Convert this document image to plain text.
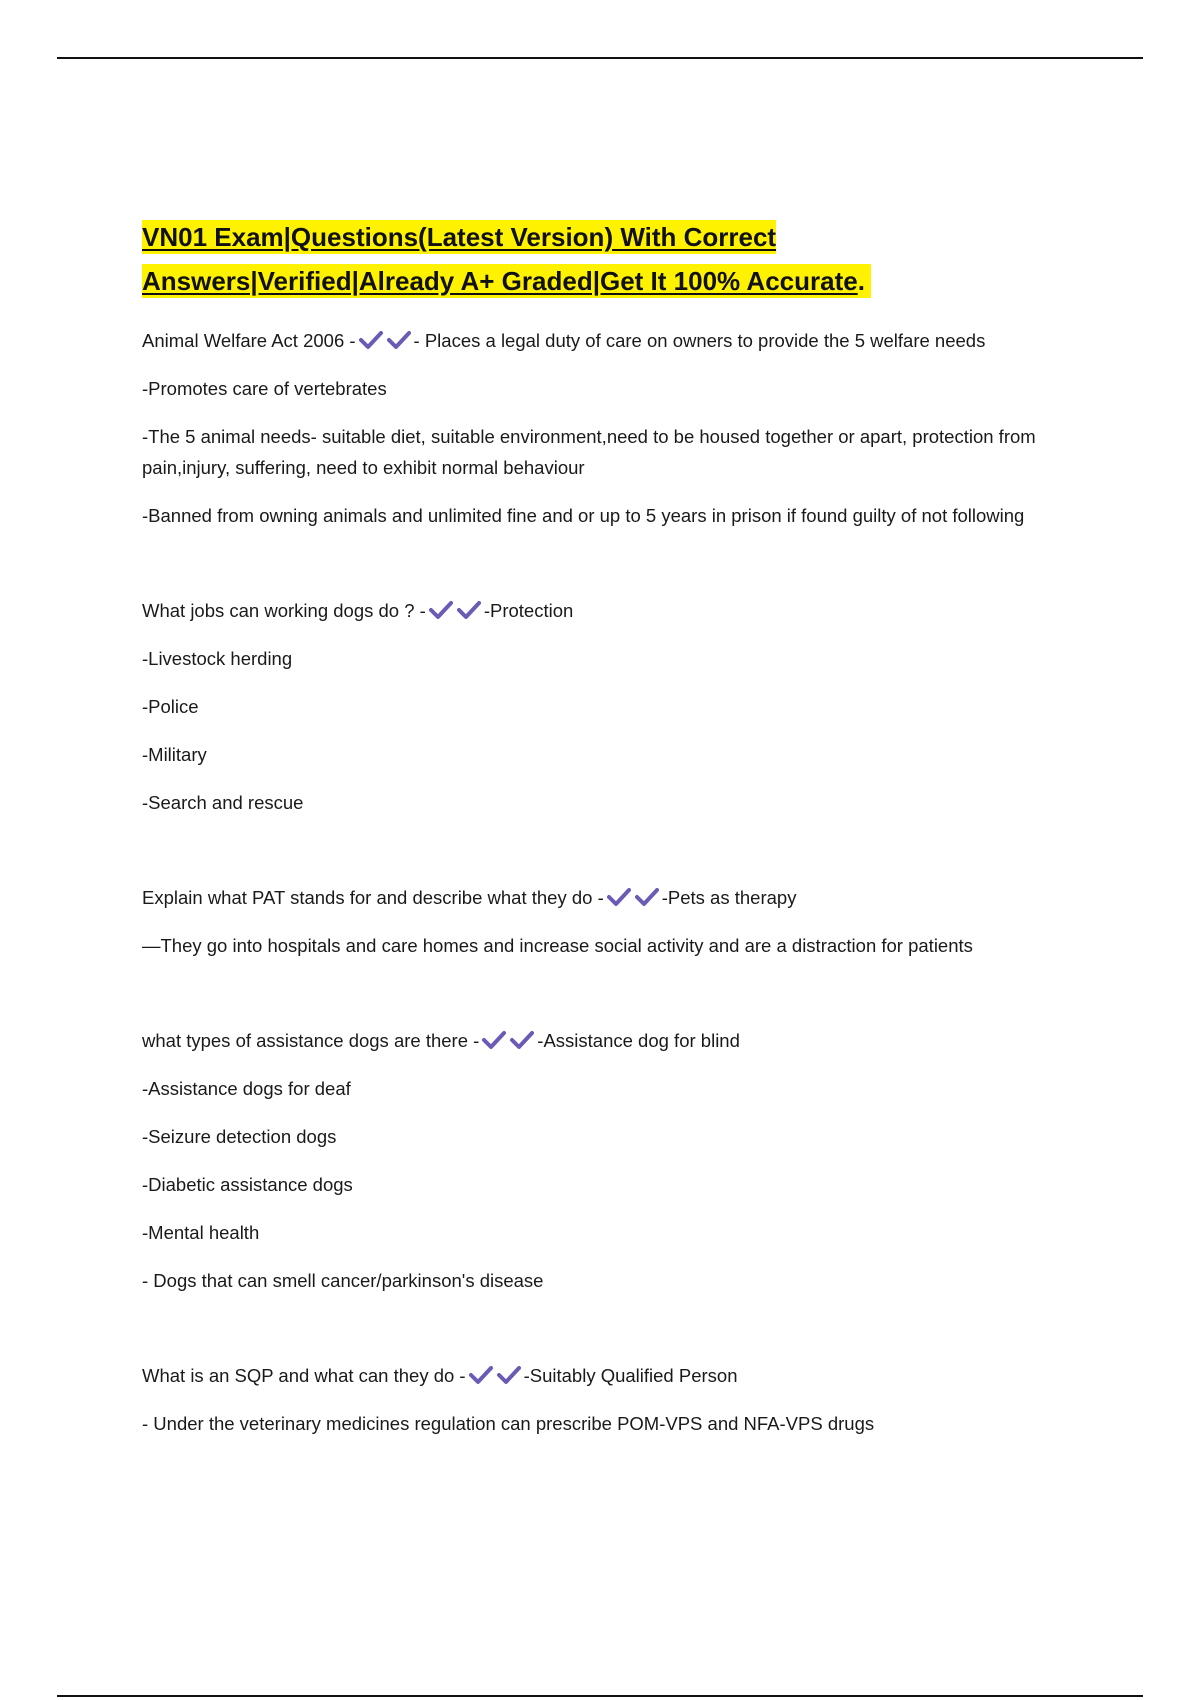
VN01 Exam|Questions(Latest Version) With Correct
Answers|Verified|Already A+ Graded|Get It 100% Accurate.

Animal Welfare Act 2006 -	- Places a legal duty of care on owners to provide the 5 welfare needs

-Promotes care of vertebrates

-The 5 animal needs- suitable diet, suitable environment,need to be housed together or apart, protection from pain,injury, suffering, need to exhibit normal behaviour

-Banned from owning animals and unlimited fine and or up to 5 years in prison if found guilty of not following

What jobs can working dogs do ? -	-Protection

-Livestock herding

-Police

-Military

-Search and rescue

Explain what PAT stands for and describe what they do -	-Pets as therapy

—They go into hospitals and care homes and increase social activity and are a distraction for patients

what types of assistance dogs are there -	-Assistance dog for blind

-Assistance dogs for deaf

-Seizure detection dogs

-Diabetic assistance dogs

-Mental health

- Dogs that can smell cancer/parkinson's disease

What is an SQP and what can they do -	-Suitably Qualified Person

- Under the veterinary medicines regulation can prescribe POM-VPS and NFA-VPS drugs
